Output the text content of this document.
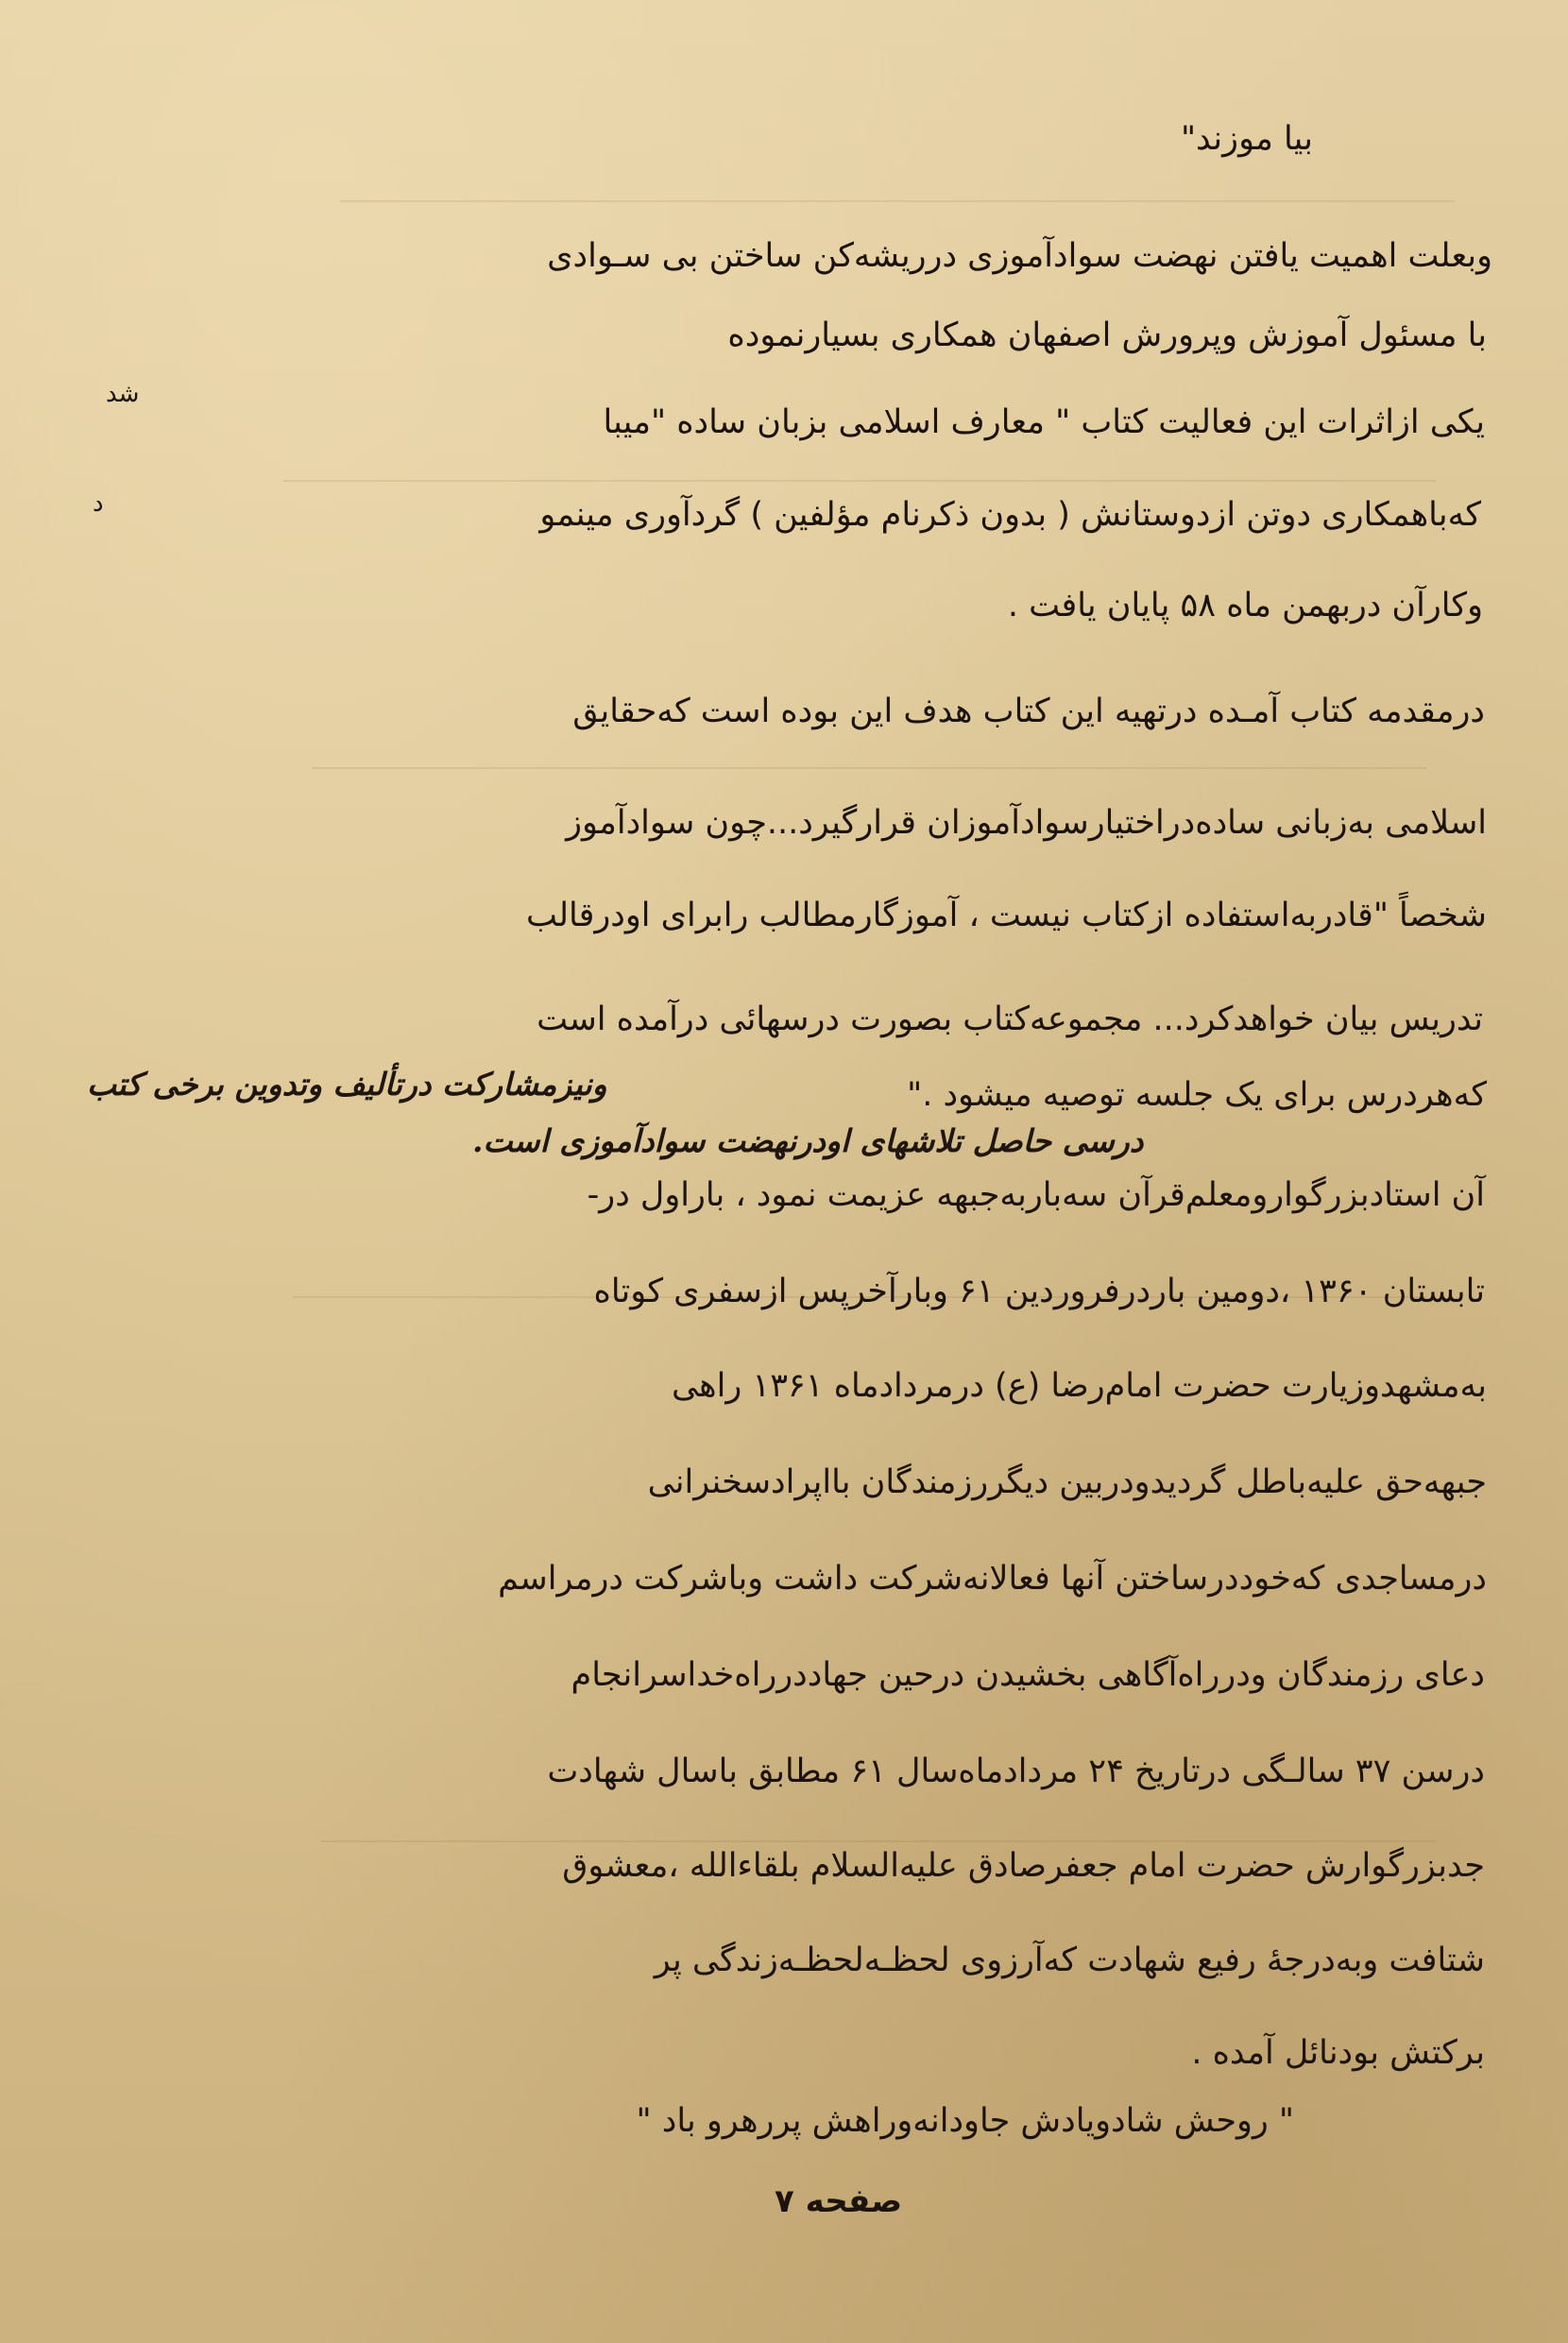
بیا موزند"
وبعلت اهمیت یافتن نهضت سوادآموزی درریشه‌کن ساختن بی سـوادی
با مسئول آموزش وپرورش اصفهان همکاری بسیارنموده
یکی ازاثرات این فعالیت کتاب " معارف اسلامی بزبان ساده "میبا
شد
که‌باهمکاری دوتن ازدوستانش ( بدون ذکرنام مؤلفین ) گردآوری مینمو
د
وکارآن دربهمن ماه ۵۸ پایان یافت .
درمقدمه کتاب آمـده درتهیه این کتاب هدف این بوده است که‌حقایق
اسلامی به‌زبانی ساده‌دراختیارسوادآموزان قرارگیرد...چون سوادآموز
شخصاً "قادربه‌استفاده ازکتاب نیست ، آموزگارمطالب رابرای اودرقالب
تدریس بیان خواهدکرد... مجموعه‌کتاب بصورت درسهائی درآمده است
که‌هردرس برای یک جلسه توصیه میشود ."
ونیزمشارکت درتألیف وتدوین برخی کتب
درسی حاصل تلاشهای اودرنهضت سوادآموزی است.
آن استادبزرگوارومعلم‌قرآن سه‌باربه‌جبهه عزیمت نمود ، باراول در-
تابستان ۱۳۶۰ ،دومین باردرفروردین ۶۱ وبارآخرپس ازسفری کوتاه
به‌مشهدوزیارت حضرت امام‌رضا (ع) درمردادماه ۱۳۶۱ راهی
جبهه‌حق علیه‌باطل گردیدودربین دیگررزمندگان بااپرادسخنرانی
درمساجدی که‌خوددرساختن آنها فعالانه‌شرکت داشت وباشرکت درمراسم
دعای رزمندگان ودرراه‌آگاهی بخشیدن درحین جهاددرراه‌خداسرانجام
درسن ۳۷ سالـگی درتاریخ ۲۴ مردادماه‌سال ۶۱ مطابق باسال شهادت
جدبزرگوارش حضرت امام جعفرصادق علیه‌السلام بلقاءالله ،معشوق
شتافت وبه‌درجهٔ رفیع شهادت که‌آرزوی لحظـه‌لحظـه‌زندگی پر
برکتش بودنائل آمده .
" روحش شادویادش جاودانه‌وراهش پررهرو باد "
صفحه ۷
